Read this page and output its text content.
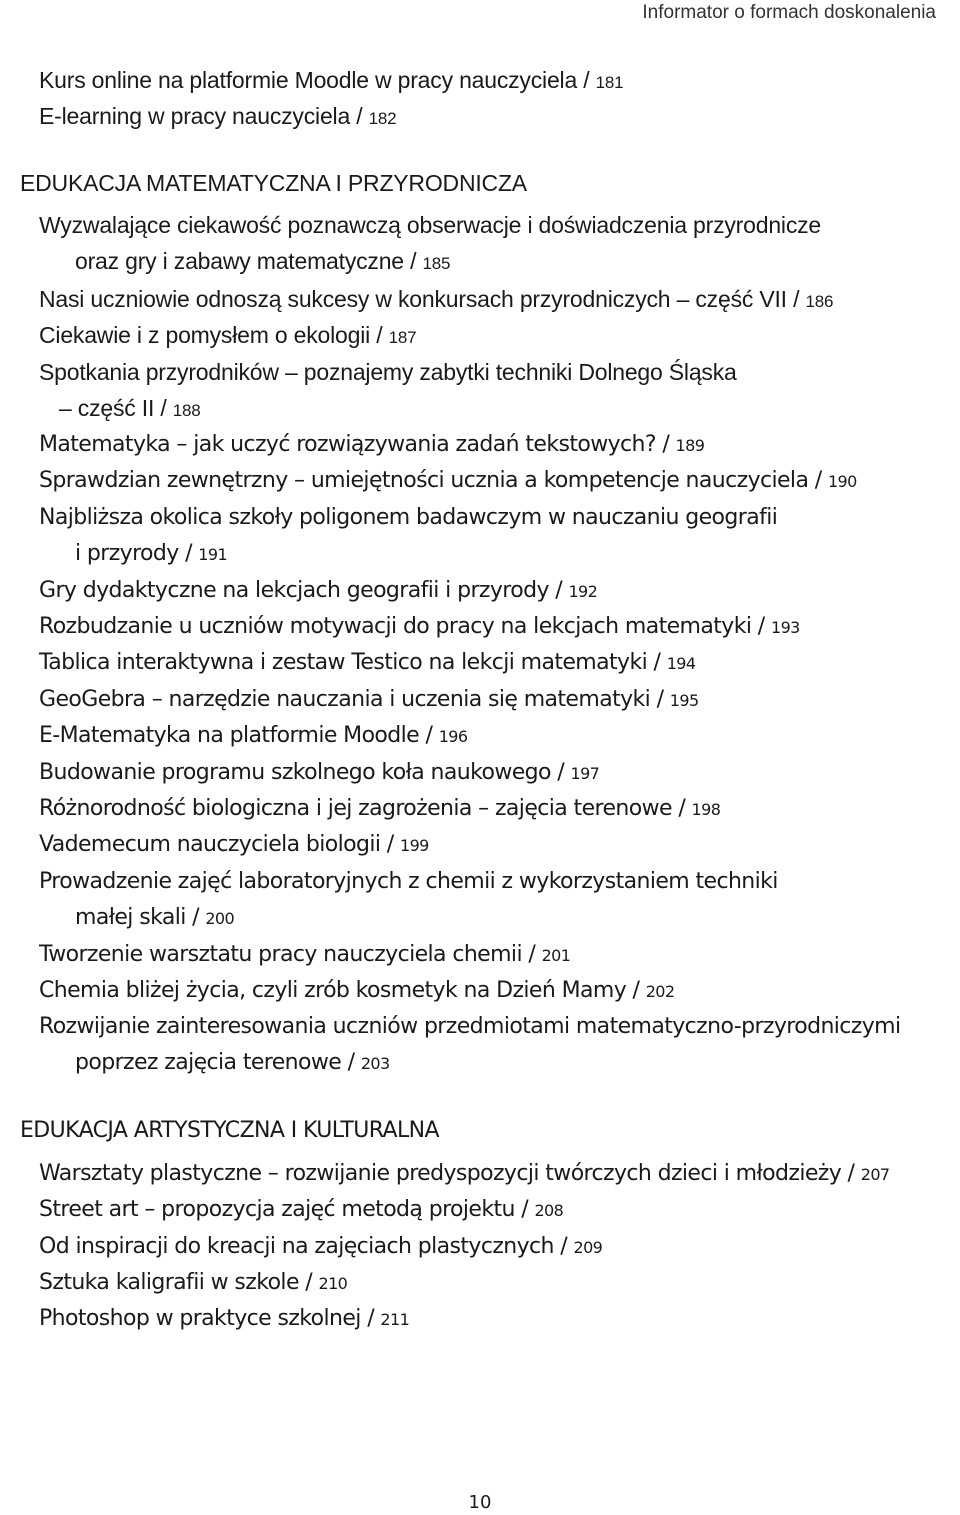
Informator o formach doskonalenia
Kurs online na platformie Moodle w pracy nauczyciela / 181
E-learning w pracy nauczyciela / 182
EDUKACJA MATEMATYCZNA I PRZYRODNICZA
Wyzwalające ciekawość poznawczą obserwacje i doświadczenia przyrodnicze
oraz gry i zabawy matematyczne / 185
Nasi uczniowie odnoszą sukcesy w konkursach przyrodniczych – część VII / 186
Ciekawie i z pomysłem o ekologii / 187
Spotkania przyrodników – poznajemy zabytki techniki Dolnego Śląska
– część II / 188
Matematyka – jak uczyć rozwiązywania zadań tekstowych? / 189
Sprawdzian zewnętrzny – umiejętności ucznia a kompetencje nauczyciela / 190
Najbliższa okolica szkoły poligonem badawczym w nauczaniu geografii
i przyrody / 191
Gry dydaktyczne na lekcjach geografii i przyrody / 192
Rozbudzanie u uczniów motywacji do pracy na lekcjach matematyki / 193
Tablica interaktywna i zestaw Testico na lekcji matematyki / 194
GeoGebra – narzędzie nauczania i uczenia się matematyki / 195
E-Matematyka na platformie Moodle / 196
Budowanie programu szkolnego koła naukowego / 197
Różnorodność biologiczna i jej zagrożenia – zajęcia terenowe / 198
Vademecum nauczyciela biologii / 199
Prowadzenie zajęć laboratoryjnych z chemii z wykorzystaniem techniki
małej skali / 200
Tworzenie warsztatu pracy nauczyciela chemii / 201
Chemia bliżej życia, czyli zrób kosmetyk na Dzień Mamy / 202
Rozwijanie zainteresowania uczniów przedmiotami matematyczno-przyrodniczymi
poprzez zajęcia terenowe / 203
EDUKACJA ARTYSTYCZNA I KULTURALNA
Warsztaty plastyczne – rozwijanie predyspozycji twórczych dzieci i młodzieży / 207
Street art – propozycja zajęć metodą projektu / 208
Od inspiracji do kreacji na zajęciach plastycznych / 209
Sztuka kaligrafii w szkole / 210
Photoshop w praktyce szkolnej / 211
10
